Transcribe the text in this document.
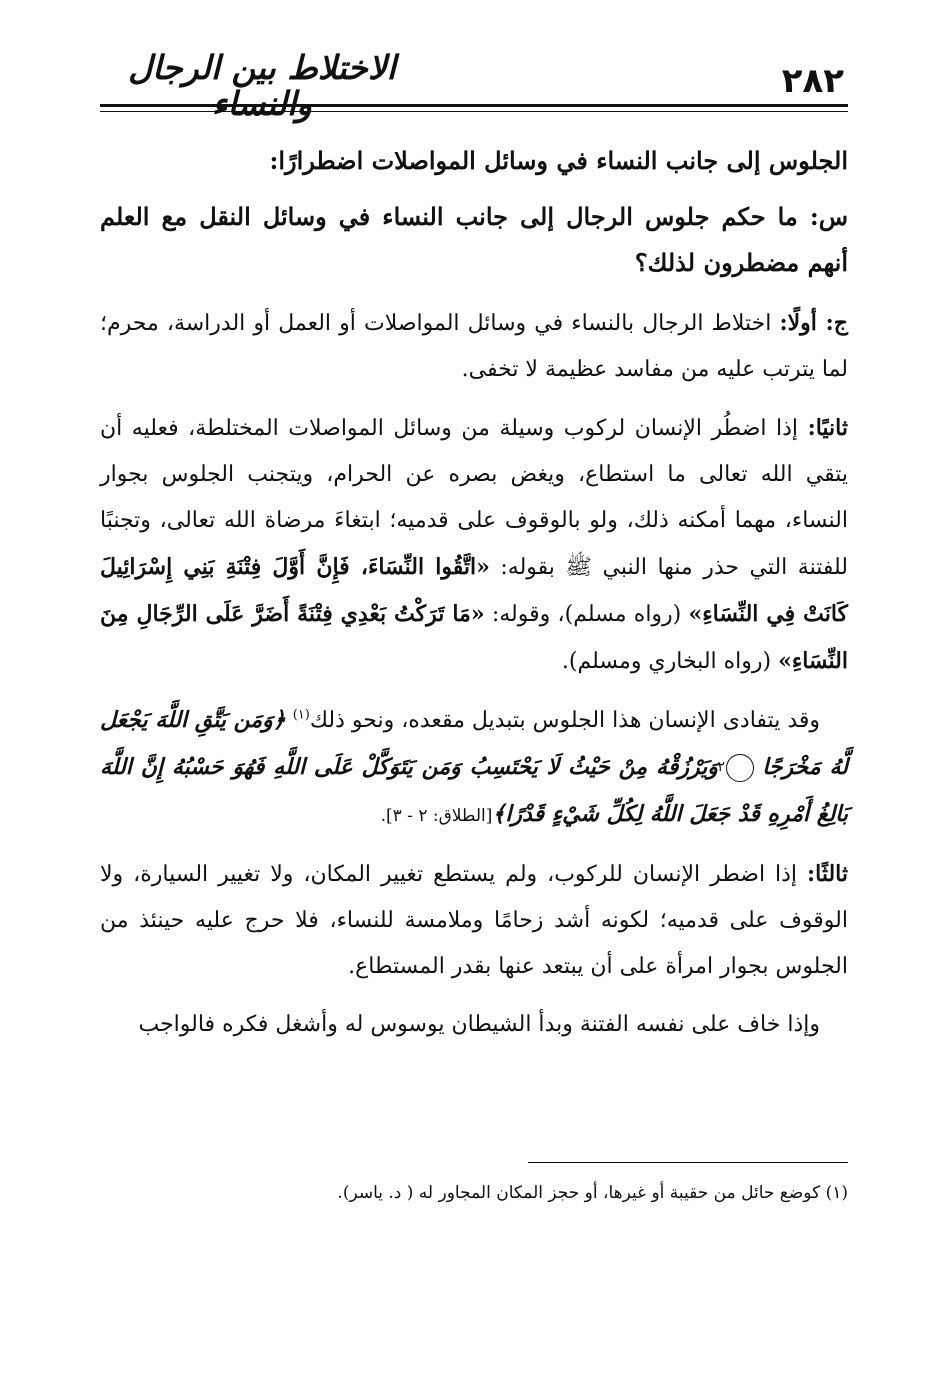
٢٨٢
الاختلاط بين الرجال والنساء

الجلوس إلى جانب النساء في وسائل المواصلات اضطرارًا:

س: ما حكم جلوس الرجال إلى جانب النساء في وسائل النقل مع العلم أنهم مضطرون لذلك؟

ج: أولًا: اختلاط الرجال بالنساء في وسائل المواصلات أو العمل أو الدراسة، محرم؛ لما يترتب عليه من مفاسد عظيمة لا تخفى.

ثانيًا: إذا اضطُر الإنسان لركوب وسيلة من وسائل المواصلات المختلطة، فعليه أن يتقي الله تعالى ما استطاع، ويغض بصره عن الحرام، ويتجنب الجلوس بجوار النساء، مهما أمكنه ذلك، ولو بالوقوف على قدميه؛ ابتغاءَ مرضاة الله تعالى، وتجنبًا للفتنة التي حذر منها النبي ﷺ بقوله: «اتَّقُوا النِّسَاءَ، فَإِنَّ أَوَّلَ فِتْنَةِ بَنِي إِسْرَائِيلَ كَانَتْ فِي النِّسَاءِ» (رواه مسلم)، وقوله: «مَا تَرَكْتُ بَعْدِي فِتْنَةً أَضَرَّ عَلَى الرِّجَالِ مِنَ النِّسَاءِ» (رواه البخاري ومسلم).

وقد يتفادى الإنسان هذا الجلوس بتبديل مقعده، ونحو ذلك$^{(١)}$ ﴿وَمَن يَتَّقِ اللَّهَ يَجْعَل لَّهُ مَخْرَجًا ٢ وَيَرْزُقْهُ مِنْ حَيْثُ لَا يَحْتَسِبُ وَمَن يَتَوَكَّلْ عَلَى اللَّهِ فَهُوَ حَسْبُهُ إِنَّ اللَّهَ بَالِغُ أَمْرِهِ قَدْ جَعَلَ اللَّهُ لِكُلِّ شَيْءٍ قَدْرًا﴾[الطلاق: ٢ - ٣].

ثالثًا: إذا اضطر الإنسان للركوب، ولم يستطع تغيير المكان، ولا تغيير السيارة، ولا الوقوف على قدميه؛ لكونه أشد زحامًا وملامسة للنساء، فلا حرج عليه حينئذ من الجلوس بجوار امرأة على أن يبتعد عنها بقدر المستطاع.

وإذا خاف على نفسه الفتنة وبدأ الشيطان يوسوس له وأشغل فكره فالواجب

(١) كوضع حائل من حقيبة أو غيرها، أو حجز المكان المجاور له ( د. ياسر).
